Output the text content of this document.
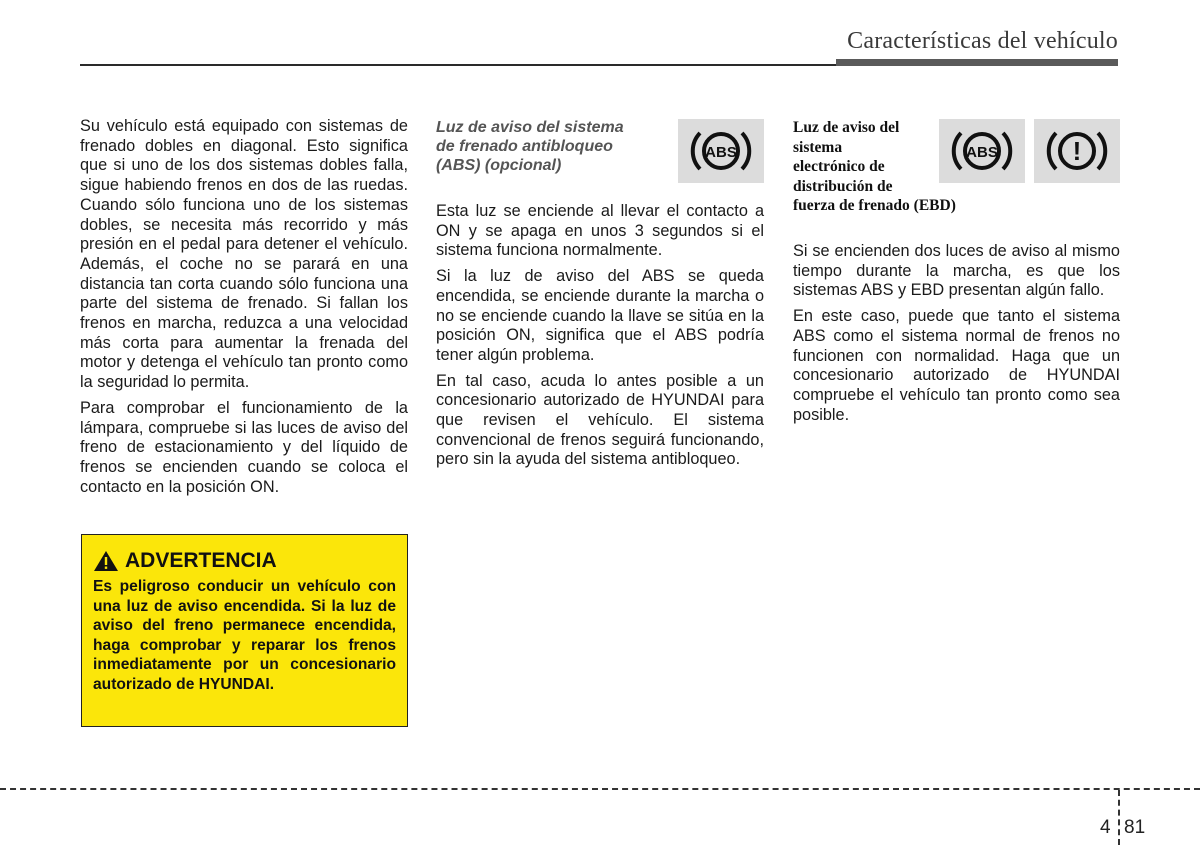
Características del vehículo

Su vehículo está equipado con sistemas de frenado dobles en diagonal. Esto significa que si uno de los dos sistemas dobles falla, sigue habiendo frenos en dos de las ruedas. Cuando sólo funciona uno de los sistemas dobles, se necesita más recorrido y más presión en el pedal para detener el vehículo. Además, el coche no se parará en una distancia tan corta cuando sólo funciona una parte del sistema de frenado. Si fallan los frenos en marcha, reduzca a una velocidad más corta para aumentar la frenada del motor y detenga el vehículo tan pronto como la seguridad lo permita.

Para comprobar el funcionamiento de la lámpara, compruebe si las luces de aviso del freno de estacionamiento y del líquido de frenos se encienden cuando se coloca el contacto en la posición ON.

ADVERTENCIA
Es peligroso conducir un vehículo con una luz de aviso encendida. Si la luz de aviso del freno permanece encendida, haga comprobar y reparar los frenos inmediatamente por un concesionario autorizado de HYUNDAI.
Luz de aviso del sistema
de frenado antibloqueo
(ABS) (opcional)
ABS

Esta luz se enciende al llevar el contacto a ON y se apaga en unos 3 segundos si el sistema funciona normalmente.

Si la luz de aviso del ABS se queda encendida, se enciende durante la marcha o no se enciende cuando la llave se sitúa en la posición ON, significa que el ABS podría tener algún problema.

En tal caso, acuda lo antes posible a un concesionario autorizado de HYUNDAI para que revisen el vehículo. El sistema convencional de frenos seguirá funcionando, pero sin la ayuda del sistema antibloqueo.

Luz de aviso del
sistema
electrónico de
distribución de
fuerza de frenado (EBD)
ABS	!

Si se encienden dos luces de aviso al mismo tiempo durante la marcha, es que los sistemas ABS y EBD presentan algún fallo.

En este caso, puede que tanto el sistema ABS como el sistema normal de frenos no funcionen con normalidad. Haga que un concesionario autorizado de HYUNDAI compruebe el vehículo tan pronto como sea posible.

4 81
